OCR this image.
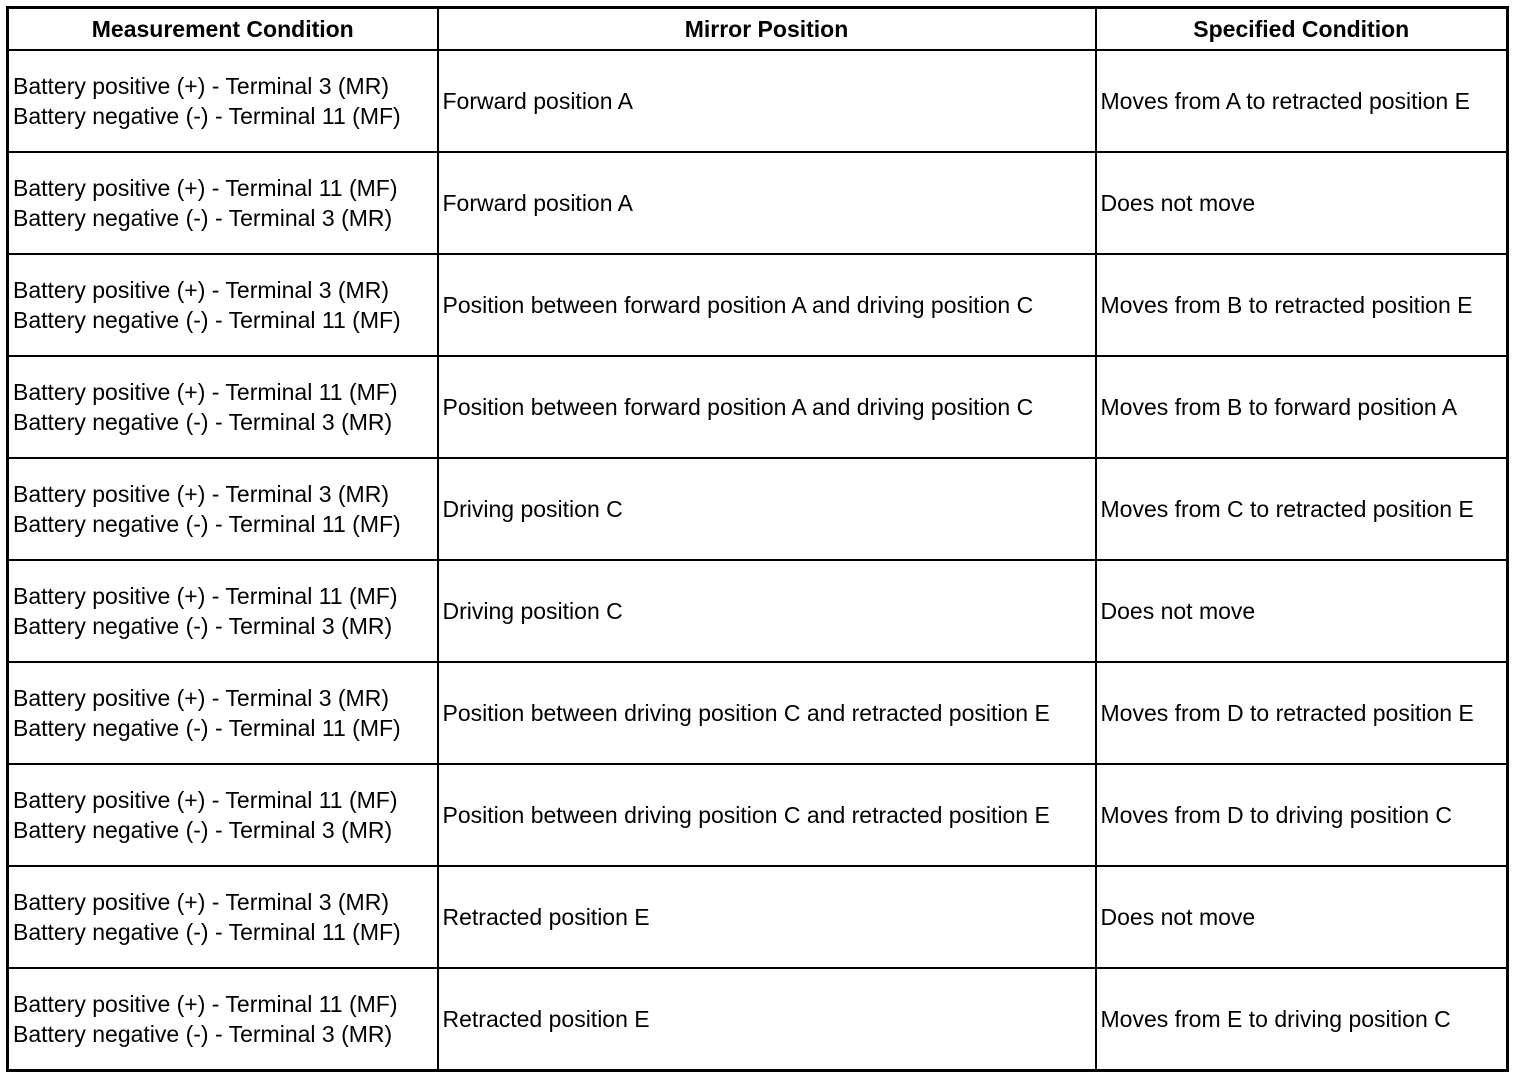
Measurement Condition	Mirror Position	Specified Condition

Battery positive (+) - Terminal 3 (MR)
Battery negative (-) - Terminal 11 (MF)	Forward position A	Moves from A to retracted position E

Battery positive (+) - Terminal 11 (MF)
Battery negative (-) - Terminal 3 (MR)	Forward position A	Does not move

Battery positive (+) - Terminal 3 (MR)
Battery negative (-) - Terminal 11 (MF)	Position between forward position A and driving position C	Moves from B to retracted position E

Battery positive (+) - Terminal 11 (MF)
Battery negative (-) - Terminal 3 (MR)	Position between forward position A and driving position C	Moves from B to forward position A

Battery positive (+) - Terminal 3 (MR)
Battery negative (-) - Terminal 11 (MF)	Driving position C	Moves from C to retracted position E

Battery positive (+) - Terminal 11 (MF)
Battery negative (-) - Terminal 3 (MR)	Driving position C	Does not move

Battery positive (+) - Terminal 3 (MR)
Battery negative (-) - Terminal 11 (MF)	Position between driving position C and retracted position E	Moves from D to retracted position E

Battery positive (+) - Terminal 11 (MF)
Battery negative (-) - Terminal 3 (MR)	Position between driving position C and retracted position E	Moves from D to driving position C

Battery positive (+) - Terminal 3 (MR)
Battery negative (-) - Terminal 11 (MF)	Retracted position E	Does not move

Battery positive (+) - Terminal 11 (MF)
Battery negative (-) - Terminal 3 (MR)	Retracted position E	Moves from E to driving position C
